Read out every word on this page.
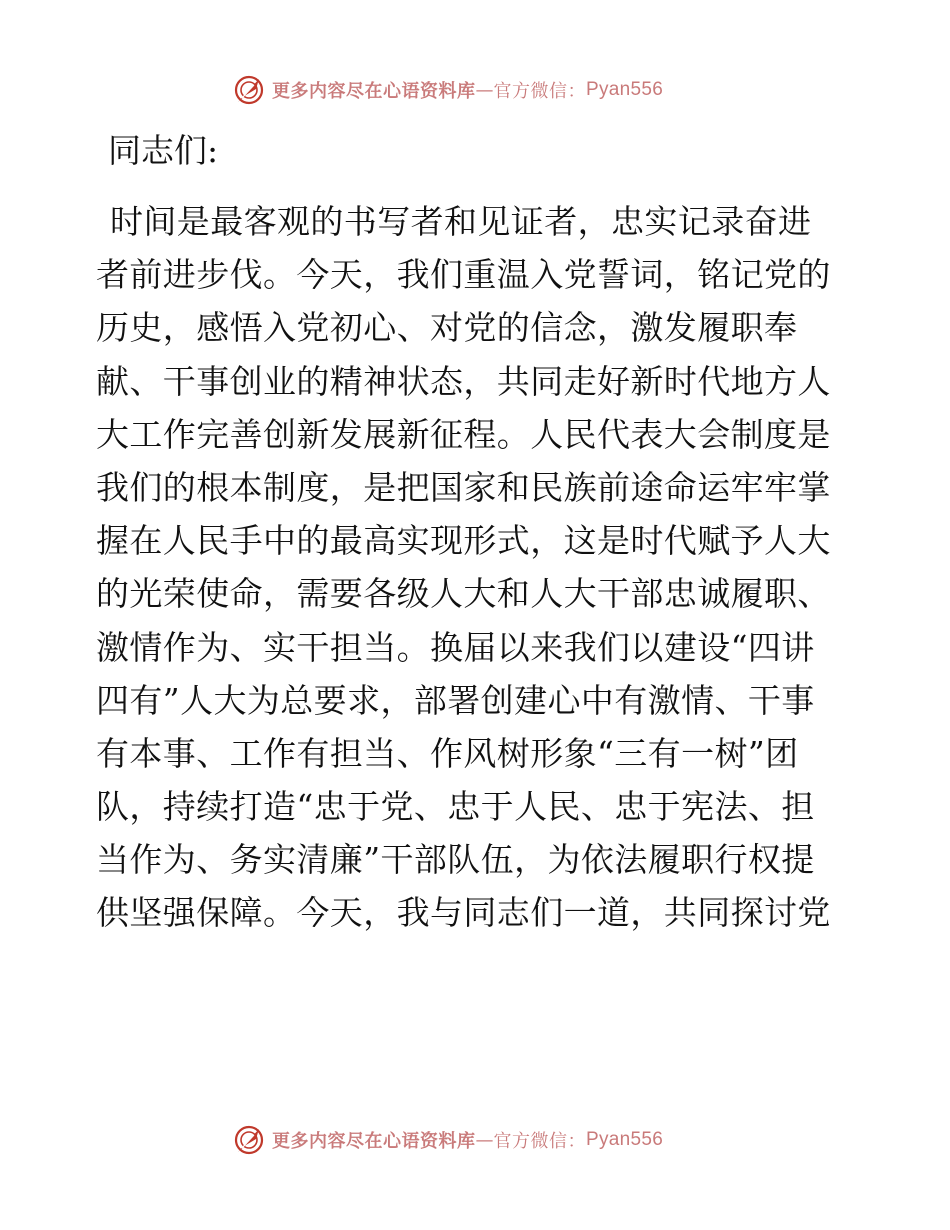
更多内容尽在心语资料库 — 官方微信： Pyan556
同志们:
时间是最客观的书写者和见证者，忠实记录奋进
者前进步伐。今天，我们重温入党誓词，铭记党的
历史，感悟入党初心、对党的信念，激发履职奉
献、干事创业的精神状态，共同走好新时代地方人
大工作完善创新发展新征程。人民代表大会制度是
我们的根本制度，是把国家和民族前途命运牢牢掌
握在人民手中的最高实现形式，这是时代赋予人大
的光荣使命，需要各级人大和人大干部忠诚履职、
激情作为、实干担当。换届以来我们以建设“四讲
四有”人大为总要求，部署创建心中有激情、干事
有本事、工作有担当、作风树形象“三有一树”团
队，持续打造“忠于党、忠于人民、忠于宪法、担
当作为、务实清廉”干部队伍，为依法履职行权提
供坚强保障。今天，我与同志们一道，共同探讨党
更多内容尽在心语资料库 — 官方微信： Pyan556
